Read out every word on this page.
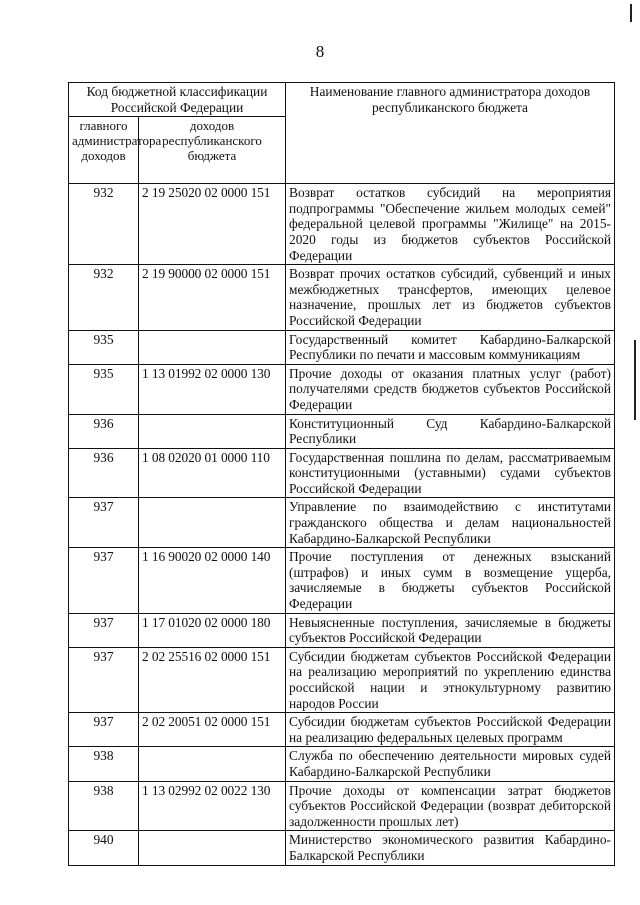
8
Код бюджетной классификации Российской Федерации		Наименование главного администратора доходов республиканского бюджета
главного администратора доходов	доходов республиканского бюджета	
932	2 19 25020 02 0000 151	Возврат остатков субсидий на мероприятия подпрограммы "Обеспечение жильем молодых семей" федеральной целевой программы "Жилище" на 2015-2020 годы из бюджетов субъектов Российской Федерации
932	2 19 90000 02 0000 151	Возврат прочих остатков субсидий, субвенций и иных межбюджетных трансфертов, имеющих целевое назначение, прошлых лет из бюджетов субъектов Российской Федерации
935		Государственный комитет Кабардино-Балкарской Республики по печати и массовым коммуникациям
935	1 13 01992 02 0000 130	Прочие доходы от оказания платных услуг (работ) получателями средств бюджетов субъектов Российской Федерации
936		Конституционный Суд Кабардино-Балкарской Республики
936	1 08 02020 01 0000 110	Государственная пошлина по делам, рассматриваемым конституционными (уставными) судами субъектов Российской Федерации
937		Управление по взаимодействию с институтами гражданского общества и делам национальностей Кабардино-Балкарской Республики
937	1 16 90020 02 0000 140	Прочие поступления от денежных взысканий (штрафов) и иных сумм в возмещение ущерба, зачисляемые в бюджеты субъектов Российской Федерации
937	1 17 01020 02 0000 180	Невыясненные поступления, зачисляемые в бюджеты субъектов Российской Федерации
937	2 02 25516 02 0000 151	Субсидии бюджетам субъектов Российской Федерации на реализацию мероприятий по укреплению единства российской нации и этнокультурному развитию народов России
937	2 02 20051 02 0000 151	Субсидии бюджетам субъектов Российской Федерации на реализацию федеральных целевых программ
938		Служба по обеспечению деятельности мировых судей Кабардино-Балкарской Республики
938	1 13 02992 02 0022 130	Прочие доходы от компенсации затрат бюджетов субъектов Российской Федерации (возврат дебиторской задолженности прошлых лет)
940		Министерство экономического развития Кабардино-Балкарской Республики
